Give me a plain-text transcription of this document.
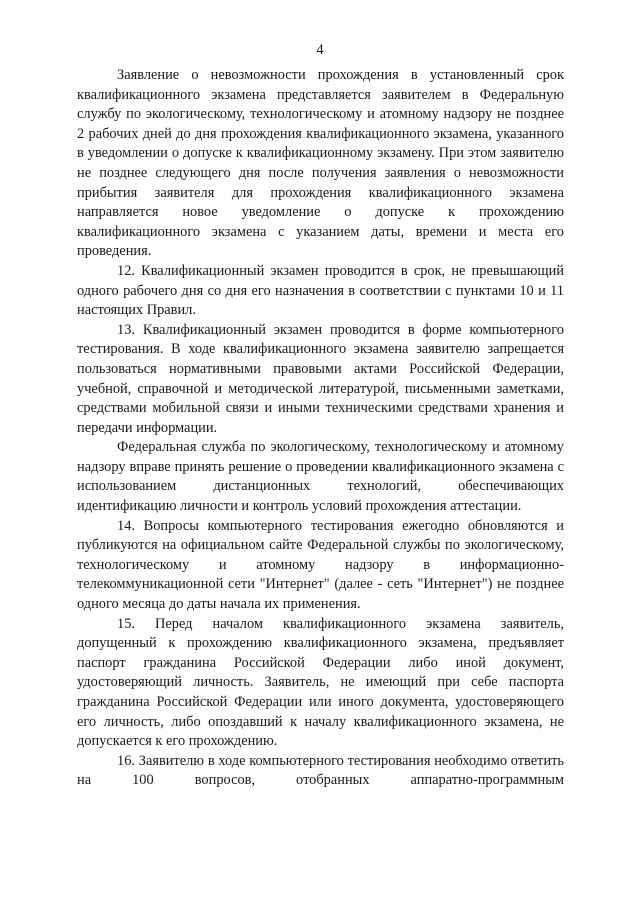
4

Заявление о невозможности прохождения в установленный срок квалификационного экзамена представляется заявителем в Федеральную службу по экологическому, технологическому и атомному надзору не позднее 2 рабочих дней до дня прохождения квалификационного экзамена, указанного в уведомлении о допуске к квалификационному экзамену. При этом заявителю не позднее следующего дня после получения заявления о невозможности прибытия заявителя для прохождения квалификационного экзамена направляется новое уведомление о допуске к прохождению квалификационного экзамена с указанием даты, времени и места его проведения.

12. Квалификационный экзамен проводится в срок, не превышающий одного рабочего дня со дня его назначения в соответствии с пунктами 10 и 11 настоящих Правил.

13. Квалификационный экзамен проводится в форме компьютерного тестирования. В ходе квалификационного экзамена заявителю запрещается пользоваться нормативными правовыми актами Российской Федерации, учебной, справочной и методической литературой, письменными заметками, средствами мобильной связи и иными техническими средствами хранения и передачи информации.

Федеральная служба по экологическому, технологическому и атомному надзору вправе принять решение о проведении квалификационного экзамена с использованием дистанционных технологий, обеспечивающих идентификацию личности и контроль условий прохождения аттестации.

14. Вопросы компьютерного тестирования ежегодно обновляются и публикуются на официальном сайте Федеральной службы по экологическому, технологическому и атомному надзору в информационно-телекоммуникационной сети "Интернет" (далее - сеть "Интернет") не позднее одного месяца до даты начала их применения.

15. Перед началом квалификационного экзамена заявитель, допущенный к прохождению квалификационного экзамена, предъявляет паспорт гражданина Российской Федерации либо иной документ, удостоверяющий личность. Заявитель, не имеющий при себе паспорта гражданина Российской Федерации или иного документа, удостоверяющего его личность, либо опоздавший к началу квалификационного экзамена, не допускается к его прохождению.

16. Заявителю в ходе компьютерного тестирования необходимо ответить на 100 вопросов, отобранных аппаратно-программным
